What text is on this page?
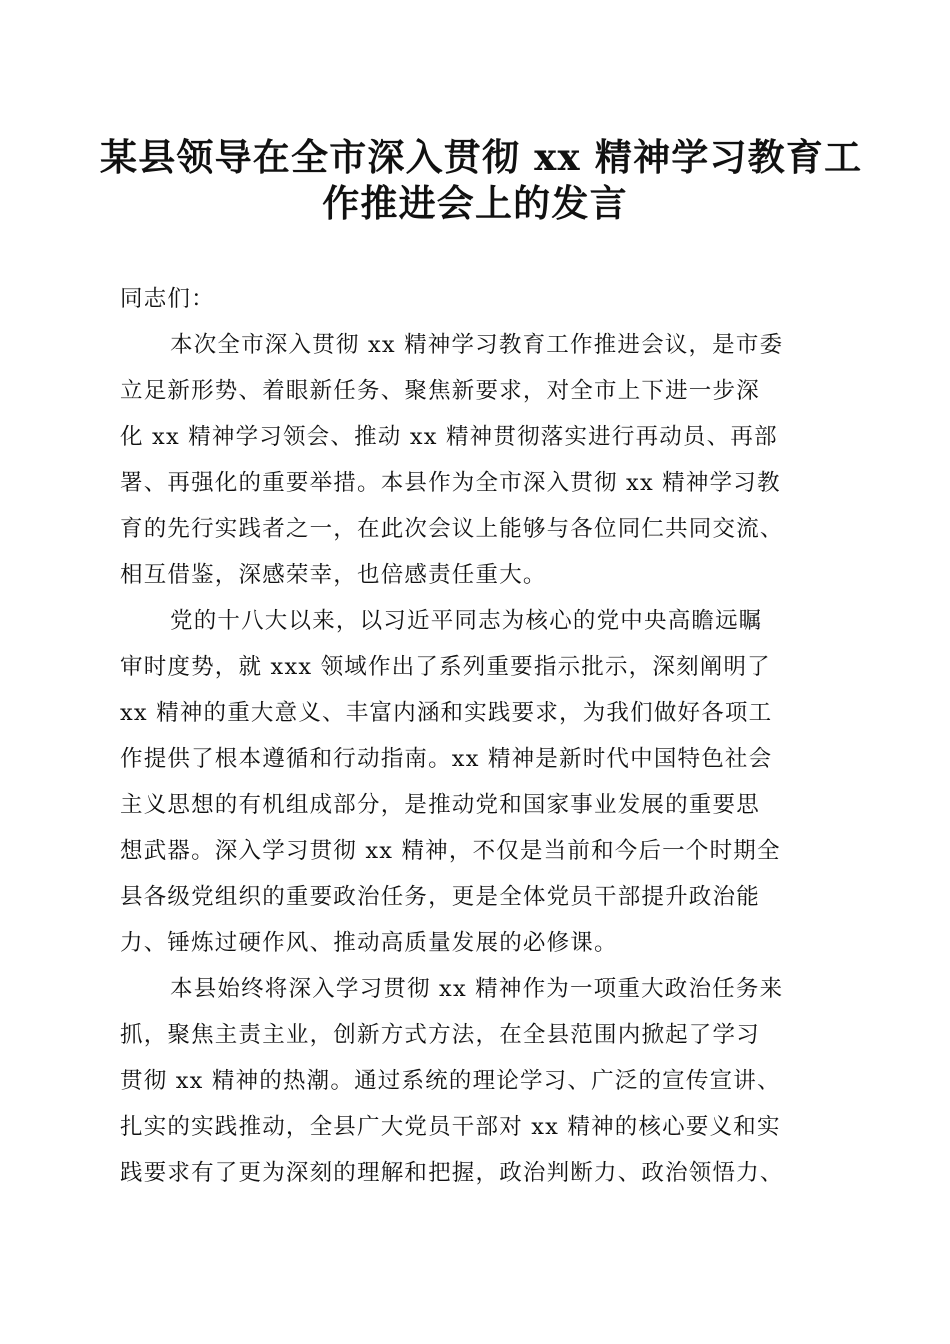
某县领导在全市深入贯彻 xx 精神学习教育工
作推进会上的发言
同志们：
本次全市深入贯彻 xx 精神学习教育工作推进会议，是市委
立足新形势、着眼新任务、聚焦新要求，对全市上下进一步深
化 xx 精神学习领会、推动 xx 精神贯彻落实进行再动员、再部
署、再强化的重要举措。本县作为全市深入贯彻 xx 精神学习教
育的先行实践者之一，在此次会议上能够与各位同仁共同交流、
相互借鉴，深感荣幸，也倍感责任重大。
党的十八大以来，以习近平同志为核心的党中央高瞻远瞩
审时度势，就 xxx 领域作出了系列重要指示批示，深刻阐明了
xx 精神的重大意义、丰富内涵和实践要求，为我们做好各项工
作提供了根本遵循和行动指南。xx 精神是新时代中国特色社会
主义思想的有机组成部分，是推动党和国家事业发展的重要思
想武器。深入学习贯彻 xx 精神，不仅是当前和今后一个时期全
县各级党组织的重要政治任务，更是全体党员干部提升政治能
力、锤炼过硬作风、推动高质量发展的必修课。
本县始终将深入学习贯彻 xx 精神作为一项重大政治任务来
抓，聚焦主责主业，创新方式方法，在全县范围内掀起了学习
贯彻 xx 精神的热潮。通过系统的理论学习、广泛的宣传宣讲、
扎实的实践推动，全县广大党员干部对 xx 精神的核心要义和实
践要求有了更为深刻的理解和把握，政治判断力、政治领悟力、
